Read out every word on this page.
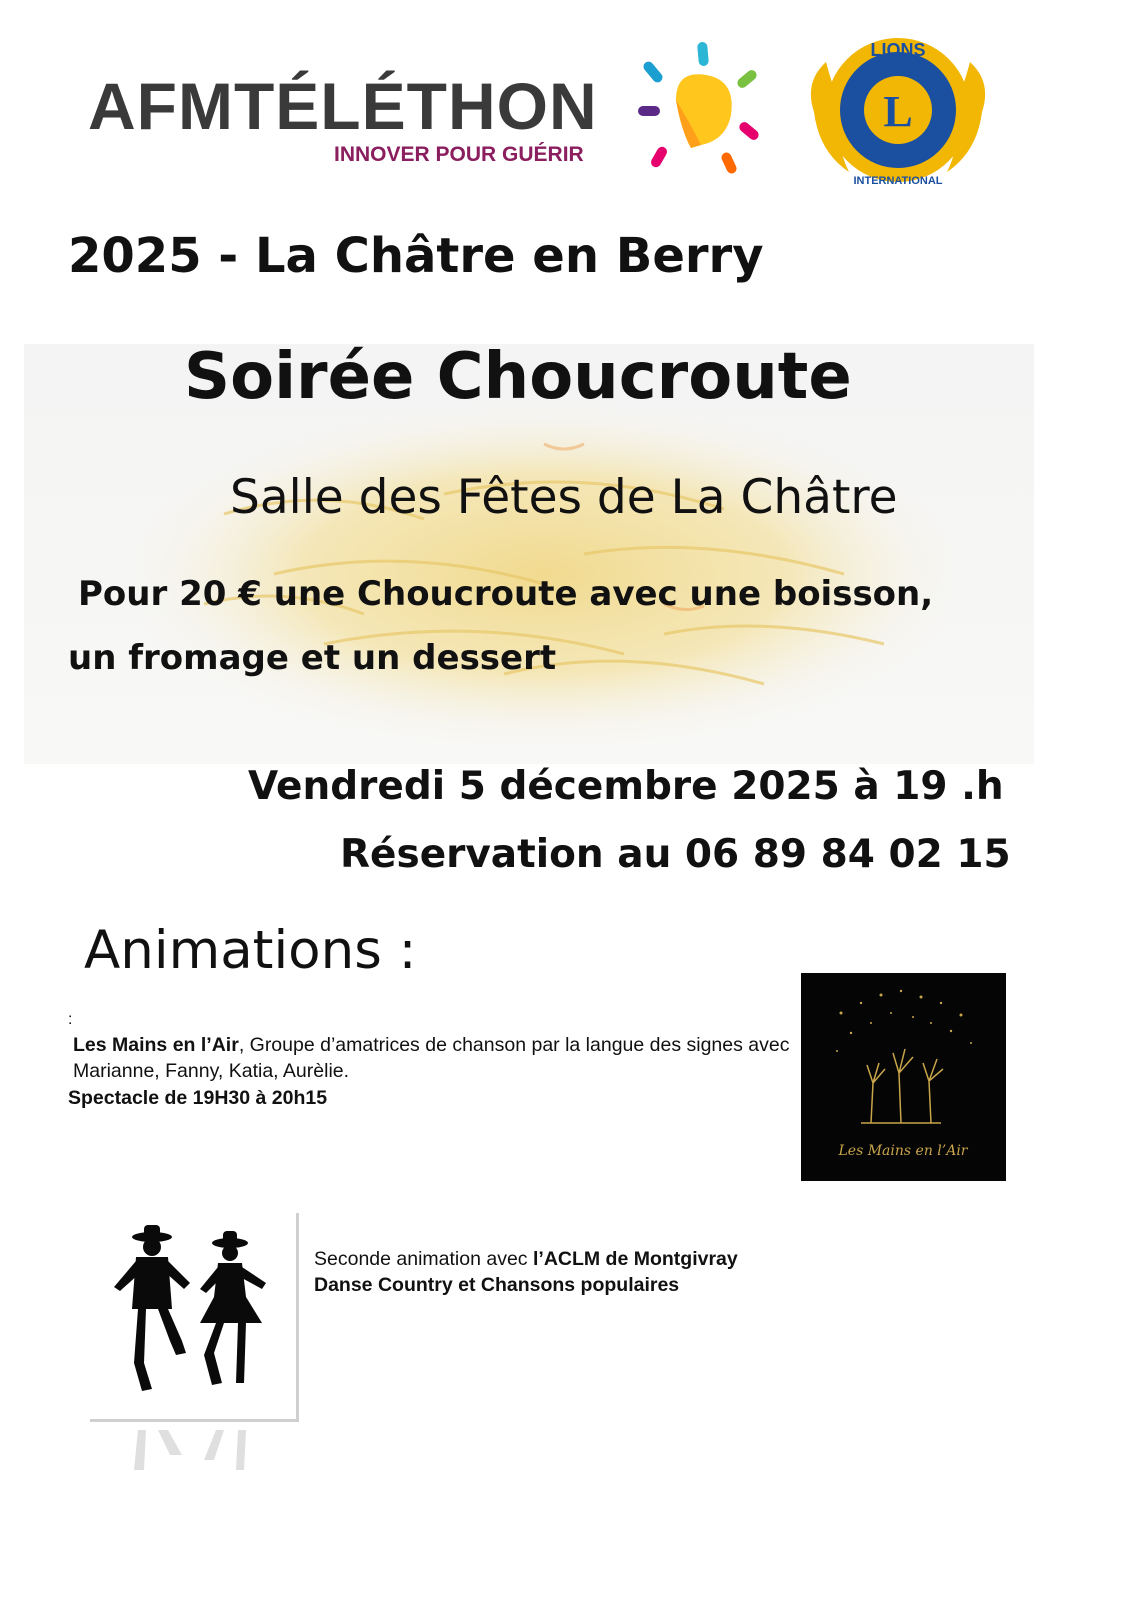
AFMTÉLÉTHON
INNOVER POUR GUÉRIR
LIONS
L
INTERNATIONAL
2025 - La Châtre en Berry
Soirée Choucroute
Salle des Fêtes de La Châtre
Pour 20 € une Choucroute avec une boisson,
un fromage et un dessert
Vendredi 5 décembre 2025 à 19 .h
Réservation au 06 89 84 02 15
Animations :
:
Les Mains en l’Air, Groupe d’amatrices de chanson par la langue des signes avec Marianne, Fanny, Katia, Aurèlie.
Spectacle de 19H30 à 20h15
Les Mains en l’Air
Seconde animation avec l’ACLM de Montgivray
Danse Country et Chansons populaires
